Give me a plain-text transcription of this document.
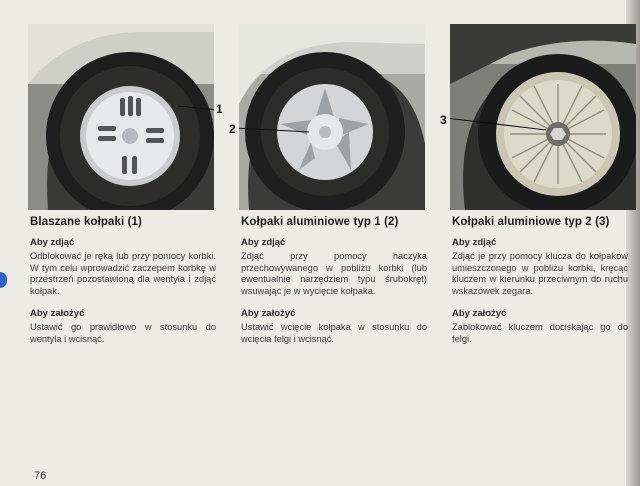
1
2
3
Blaszane kołpaki (1)
Aby zdjąć

Odblokować je ręką lub przy pomocy korbki. W tym celu wprowadzić zaczepem korbkę w przestrzeń pozostawioną dla wentyla i zdjąć kołpak.

Aby założyć

Ustawić go prawidłowo w stosunku do wentyla i wcisnąć.

Kołpaki aluminiowe typ 1 (2)
Aby zdjąć

Zdjąć przy pomocy haczyka przechowywanego w pobliżu korbki (lub ewentualnie narzędziem typu śrubokręt) wsuwając je w wycięcie kołpaka.

Aby założyć

Ustawić wcięcie kołpaka w stosunku do wcięcia felgi i wcisnąć.

Kołpaki aluminiowe typ 2 (3)
Aby zdjąć

Zdjąć je przy pomocy klucza do kołpaków umieszczonego w pobliżu korbki, kręcąc kluczem w kierunku przeciwnym do ruchu wskazówek zegara.

Aby założyć

Zablokować kluczem dociskając go do felgi.

76
